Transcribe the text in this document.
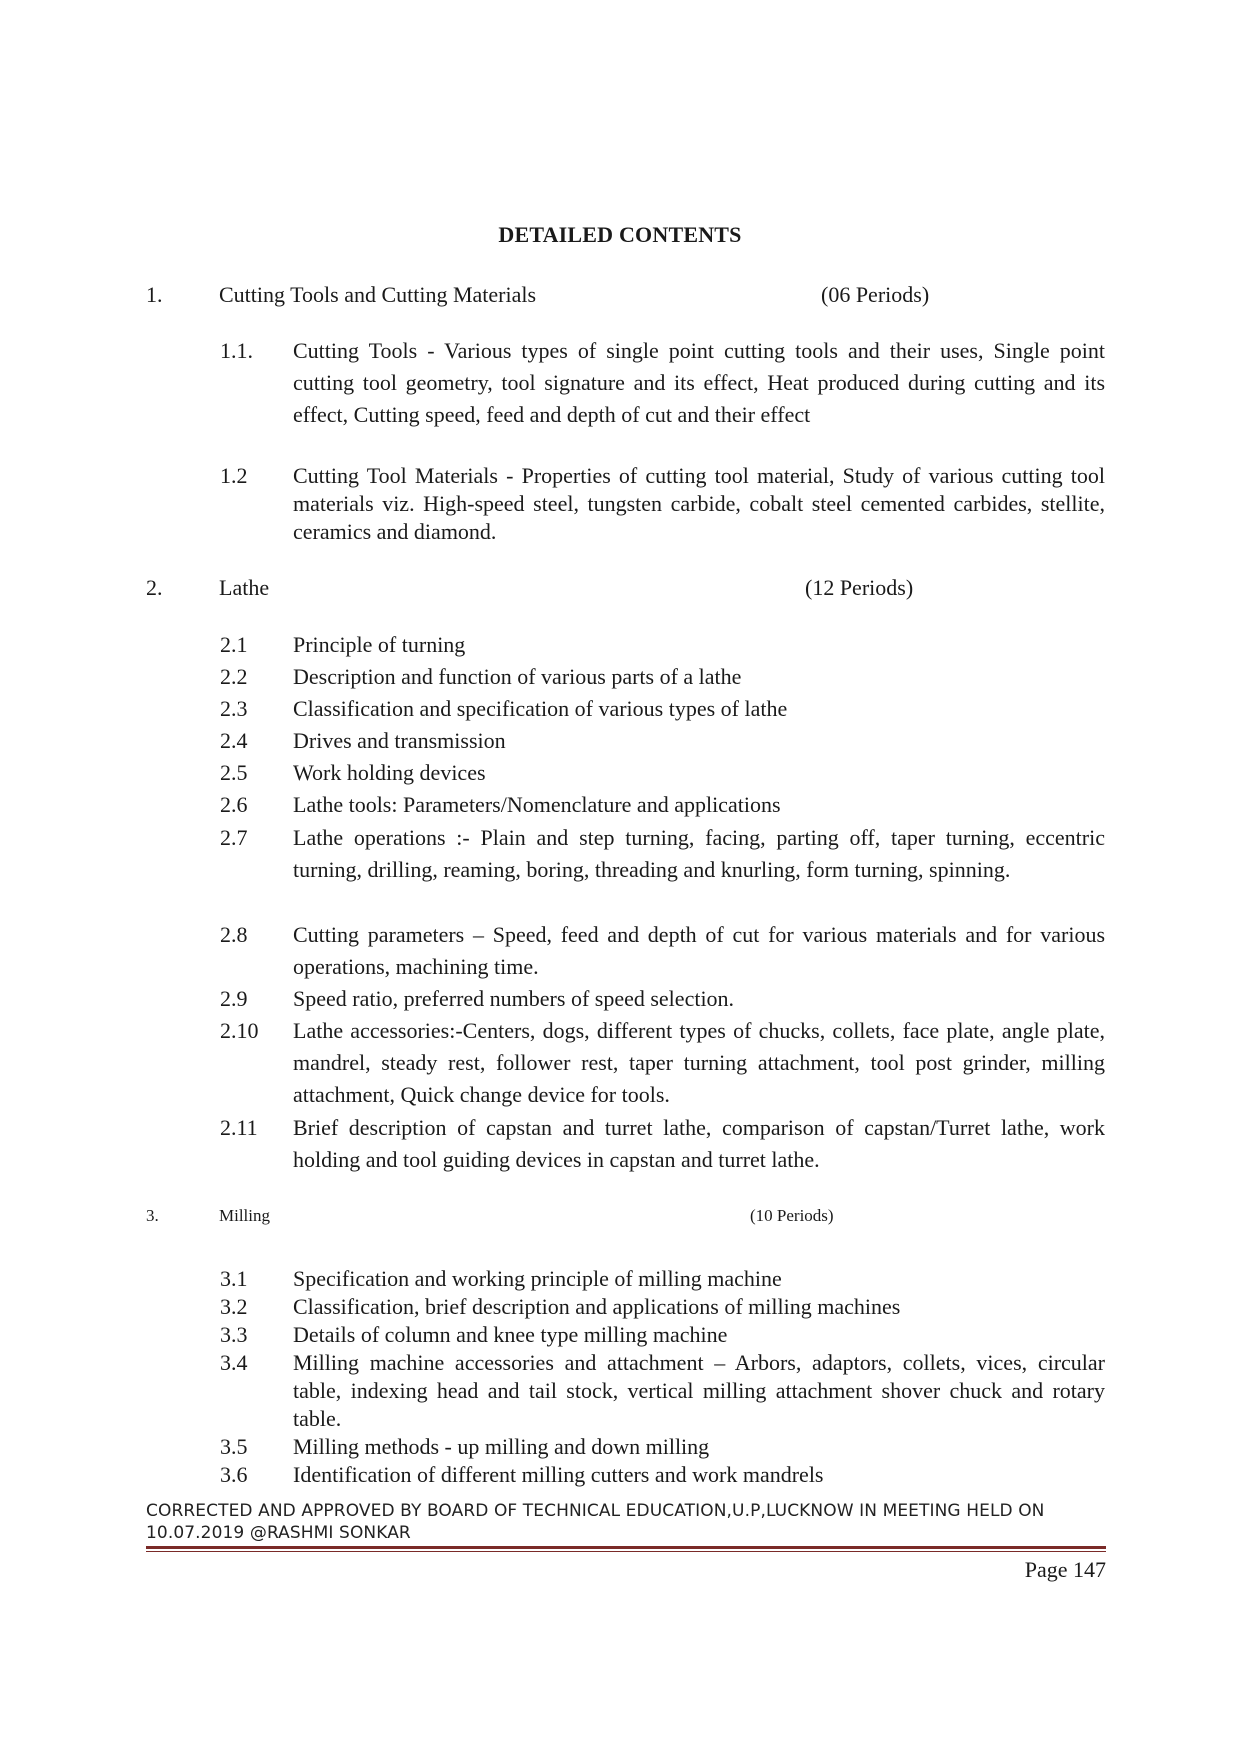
DETAILED CONTENTS
1.	Cutting Tools and Cutting Materials	(06 Periods)
1.1. Cutting Tools - Various types of single point cutting tools and their uses, Single point cutting tool geometry, tool signature and its effect, Heat produced during cutting and its effect, Cutting speed, feed and depth of cut and their effect
1.2 Cutting Tool Materials - Properties of cutting tool material, Study of various cutting tool materials viz. High-speed steel, tungsten carbide, cobalt steel cemented carbides, stellite, ceramics and diamond.
2.	Lathe	(12 Periods)
2.1 Principle of turning
2.2 Description and function of various parts of a lathe
2.3 Classification and specification of various types of lathe
2.4 Drives and transmission
2.5 Work holding devices
2.6 Lathe tools: Parameters/Nomenclature and applications
2.7 Lathe operations :- Plain and step turning, facing, parting off, taper turning, eccentric turning, drilling, reaming, boring, threading and knurling, form turning, spinning.
2.8 Cutting parameters – Speed, feed and depth of cut for various materials and for various operations, machining time.
2.9 Speed ratio, preferred numbers of speed selection.
2.10 Lathe accessories:-Centers, dogs, different types of chucks, collets, face plate, angle plate, mandrel, steady rest, follower rest, taper turning attachment, tool post grinder, milling attachment, Quick change device for tools.
2.11 Brief description of capstan and turret lathe, comparison of capstan/Turret lathe, work holding and tool guiding devices in capstan and turret lathe.
3.	Milling	(10 Periods)
3.1 Specification and working principle of milling machine
3.2 Classification, brief description and applications of milling machines
3.3 Details of column and knee type milling machine
3.4 Milling machine accessories and attachment – Arbors, adaptors, collets, vices, circular table, indexing head and tail stock, vertical milling attachment shover chuck and rotary table.
3.5 Milling methods - up milling and down milling
3.6 Identification of different milling cutters and work mandrels
CORRECTED AND APPROVED BY BOARD OF TECHNICAL EDUCATION,U.P,LUCKNOW IN MEETING HELD ON 10.07.2019 @RASHMI SONKAR
Page 147
